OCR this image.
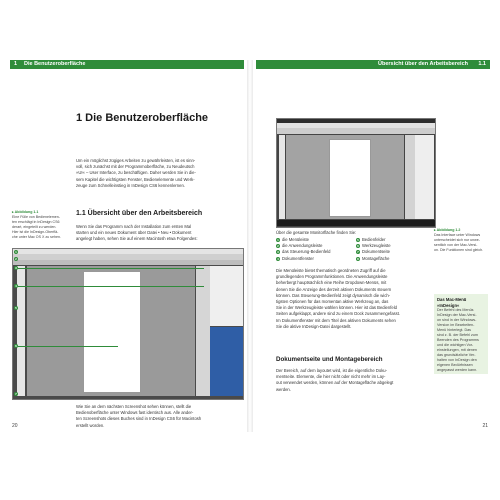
1 Die Benutzeroberfläche
1 Die Benutzeroberfläche
Um ein möglichst zügiges Arbeiten zu gewährleisten, ist es sinn-
voll, sich zunächst mit der Programmoberfläche, zu Neudeutsch
»UI« – User Interface, zu beschäftigen. Daher werden Sie in die-
sem Kapitel die wichtigsten Fenster, Bedienelemente und Werk-
zeuge zum Schnelleinstieg in InDesign CS6 kennenlernen.
1.1 Übersicht über den Arbeitsbereich
▸ Abbildung 1.1
Eine Fülle von Bedienelemen-
ten erschlägt in InDesign CS6
derart, eingeteilt zu werden.
Hier ist die InDesign-Oberflä-
che unter Mac OS X zu sehen.
Wenn Sie das Programm nach der Installation zum ersten Mal
starten und ein neues Dokument über Datei • Neu • Dokument
angelegt haben, sehen Sie auf einem Macintosh etwa Folgendes:
1
2
3
4
5
6
7
Wie Sie an dem nächsten Screenshot sehen können, stellt die
Bedienoberfläche unter Windows fast identisch aus. Alle ander-
ten Screenshots dieses Buches sind in InDesign CS6 für Macintosh
erstellt worden.
20
Übersicht über den Arbeitsbereich 1.1
▸ Abbildung 1.2
Das Interface unter Windows
unterscheidet sich nur unwe-
sentlich von der Mac-Versi-
on. Die Funktionen sind gleich.
Über die gesamte Monitorfläche finden Sie:
1 die Menüleiste
2 die Anwendungsleiste
3 das Steuerung-Bedienfeld
4 Dokumentfenster
5 Bedienfelder
6 Werkzeugleiste
7 Dokumentseite
8 Montagefläche
Die Menüleiste bietet thematisch geordneten Zugriff auf die
grundlegenden Programmfunktionen. Die Anwendungsleiste
beherbergt hauptsächlich eine Reihe Dropdown-Menüs, mit
denen Sie die Anzeige des derzeit aktiven Dokuments steuern
können. Das Steuerung-Bedienfeld zeigt dynamisch die wich-
tigsten Optionen für das momentan aktive Werkzeug an, das
Sie in der Werkzeugleiste wählen können. Hier ist das Bedienfeld
Seiten aufgeklappt, andere sind zu einem Dock zusammengefasst.
Im Dokumentfenster mit dem Titel des aktiven Dokuments sehen
Sie die aktive InDesign-Datei dargestellt.
Dokumentseite und Montagebereich
Der Bereich, auf dem layoutet wird, ist die eigentliche Doku-
mentseite. Elemente, die hier nicht oder nicht mehr im Lay-
out verwendet werden, können auf der Montagefläche abgelegt
werden.
Das Mac-Menü »InDesign«
Der Befehl des Menüs
InDesign der Mac-Versi-
on sind in der Windows-
Version im Bearbeiten-
Menü hinterlegt. Das
sind z. B. der Befehl zum
Beenden des Programms
und die wichtigen Vor-
einstellungen, mit denen
das grundsätzliche Ver-
halten von InDesign den
eigenen Bedürfnissen
angepasst werden kann.
21
